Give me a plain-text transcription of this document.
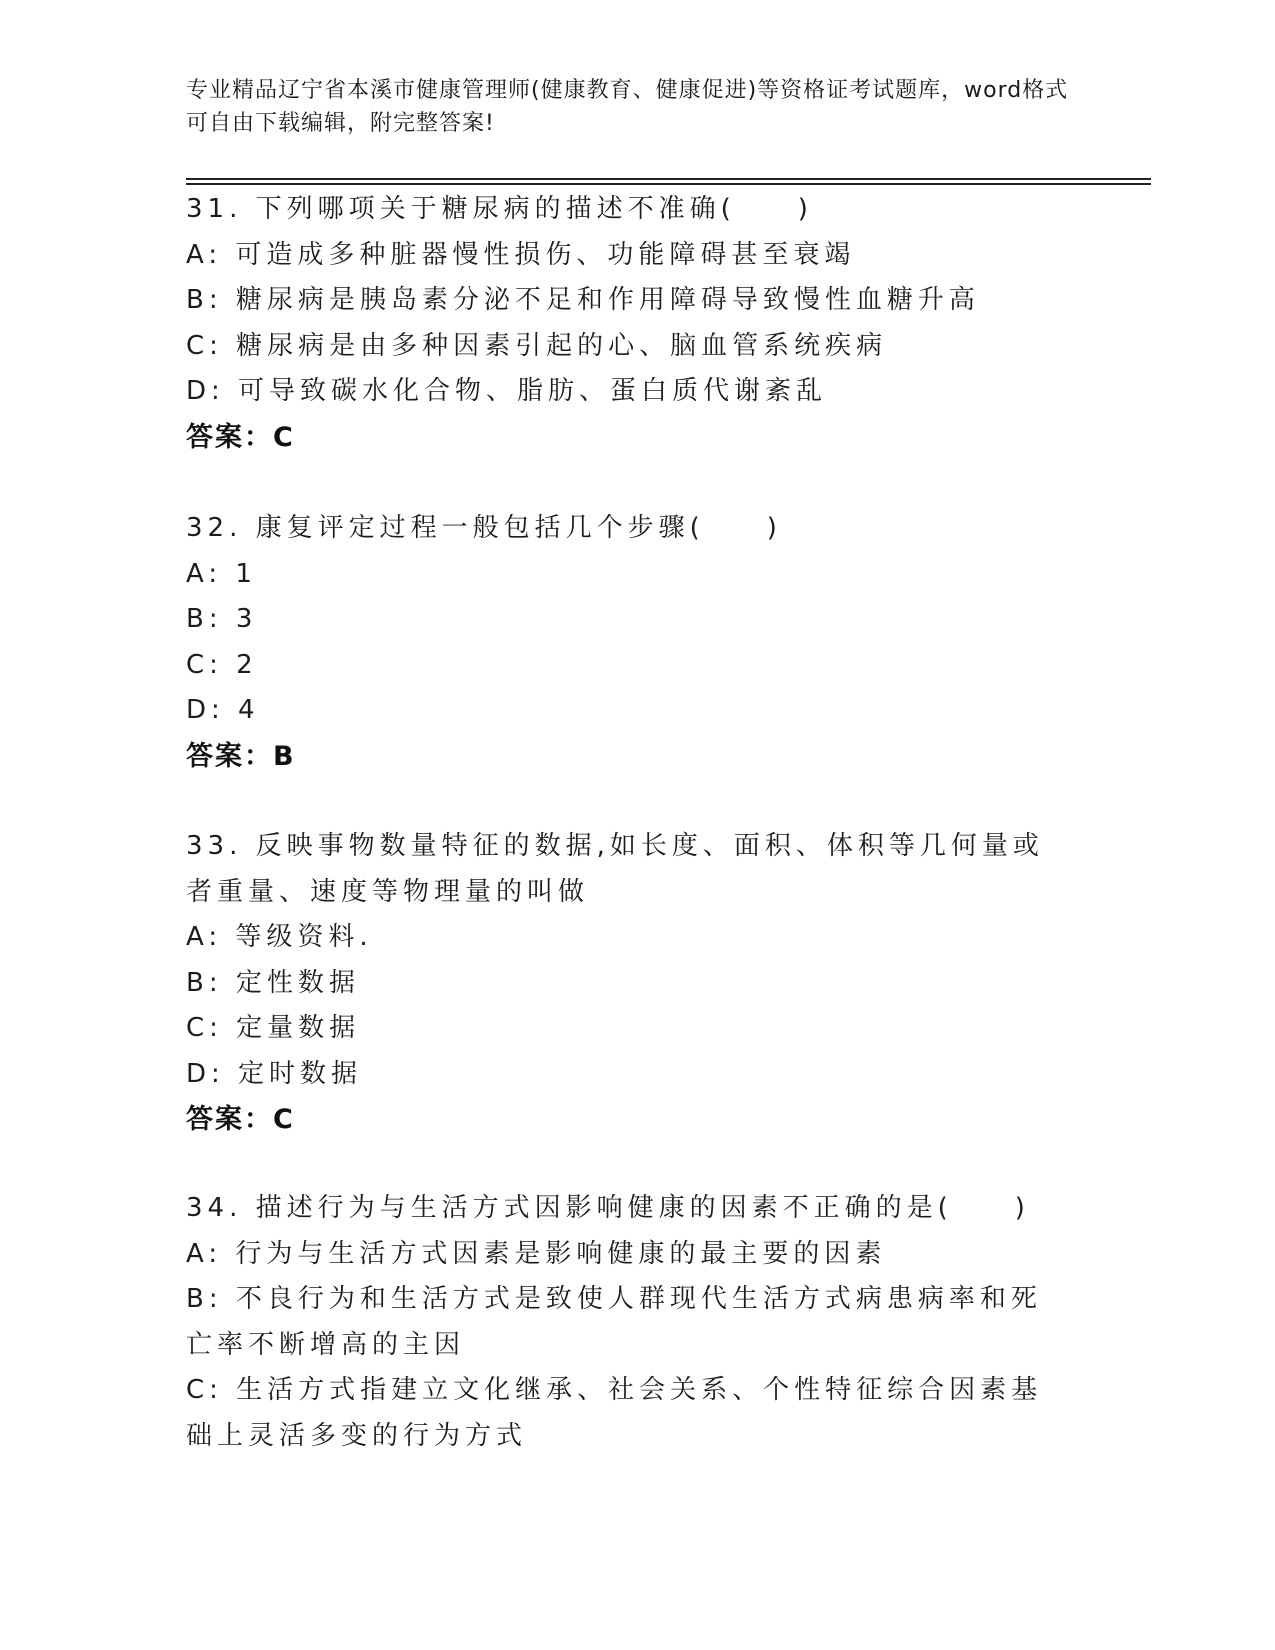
专业精品辽宁省本溪市健康管理师(健康教育、健康促进)等资格证考试题库，word格式可自由下载编辑，附完整答案!
31. 下列哪项关于糖尿病的描述不准确(　　)
A: 可造成多种脏器慢性损伤、功能障碍甚至衰竭
B: 糖尿病是胰岛素分泌不足和作用障碍导致慢性血糖升高
C: 糖尿病是由多种因素引起的心、脑血管系统疾病
D: 可导致碳水化合物、脂肪、蛋白质代谢紊乱
答案：C
32. 康复评定过程一般包括几个步骤(　　)
A: 1
B: 3
C: 2
D: 4
答案：B
33. 反映事物数量特征的数据,如长度、面积、体积等几何量或者重量、速度等物理量的叫做
A: 等级资料.
B: 定性数据
C: 定量数据
D: 定时数据
答案：C
34. 描述行为与生活方式因影响健康的因素不正确的是(　　)
A: 行为与生活方式因素是影响健康的最主要的因素
B: 不良行为和生活方式是致使人群现代生活方式病患病率和死亡率不断增高的主因
C: 生活方式指建立文化继承、社会关系、个性特征综合因素基础上灵活多变的行为方式
